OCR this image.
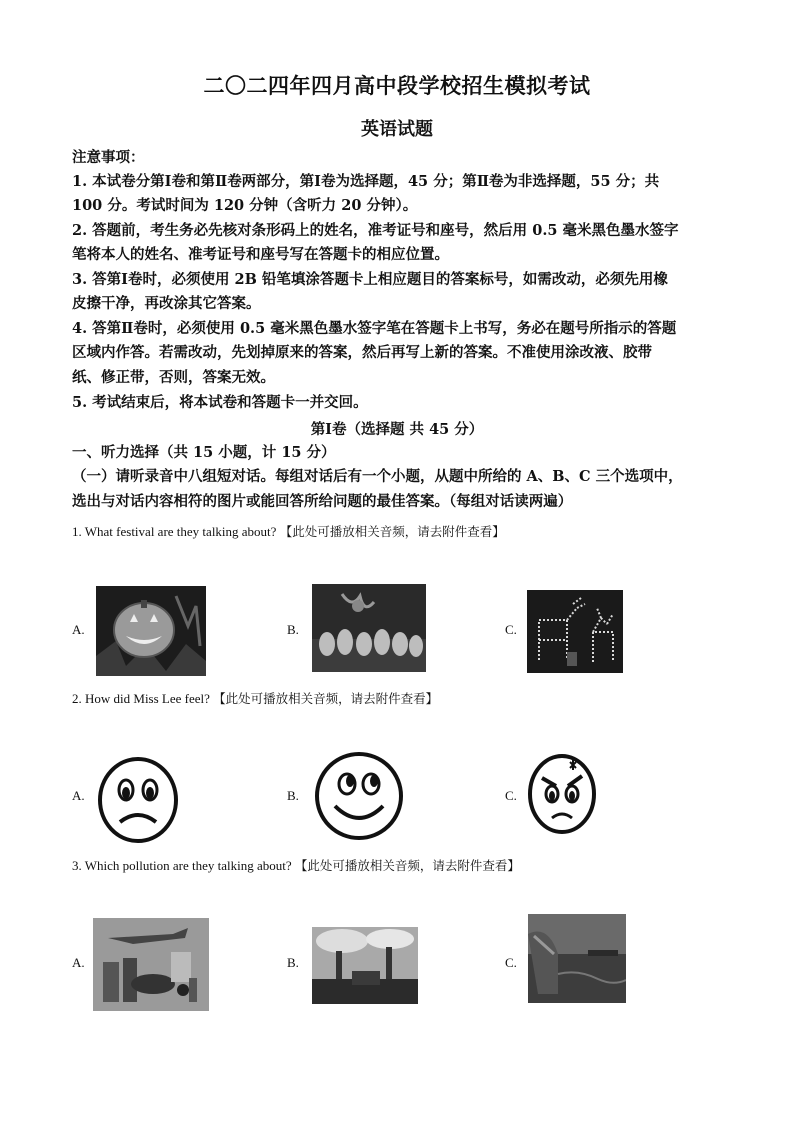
二〇二四年四月高中段学校招生模拟考试
英语试题
注意事项：
1. 本试卷分第Ⅰ卷和第Ⅱ卷两部分，第Ⅰ卷为选择题，45 分；第Ⅱ卷为非选择题，55 分；共
100 分。考试时间为 120 分钟（含听力 20 分钟）。
2. 答题前，考生务必先核对条形码上的姓名，准考证号和座号，然后用 0.5 毫米黑色墨水签字
笔将本人的姓名、准考证号和座号写在答题卡的相应位置。
3. 答第Ⅰ卷时，必须使用 2B 铅笔填涂答题卡上相应题目的答案标号，如需改动，必须先用橡
皮擦干净，再改涂其它答案。
4. 答第Ⅱ卷时，必须使用 0.5 毫米黑色墨水签字笔在答题卡上书写，务必在题号所指示的答题
区域内作答。若需改动，先划掉原来的答案，然后再写上新的答案。不准使用涂改液、胶带
纸、修正带，否则，答案无效。
5. 考试结束后，将本试卷和答题卡一并交回。
第Ⅰ卷（选择题 共 45 分）
一、听力选择（共 15 小题，计 15 分）
（一）请听录音中八组短对话。每组对话后有一个小题，从题中所给的 A、B、C 三个选项中，
选出与对话内容相符的图片或能回答所给问题的最佳答案。（每组对话读两遍）
1. What festival are they talking about? 【此处可播放相关音频，请去附件查看】
A.	B.	C.
2. How did Miss Lee feel? 【此处可播放相关音频，请去附件查看】
A.	B.	C.
3. Which pollution are they talking about? 【此处可播放相关音频，请去附件查看】
A.	B.	C.
